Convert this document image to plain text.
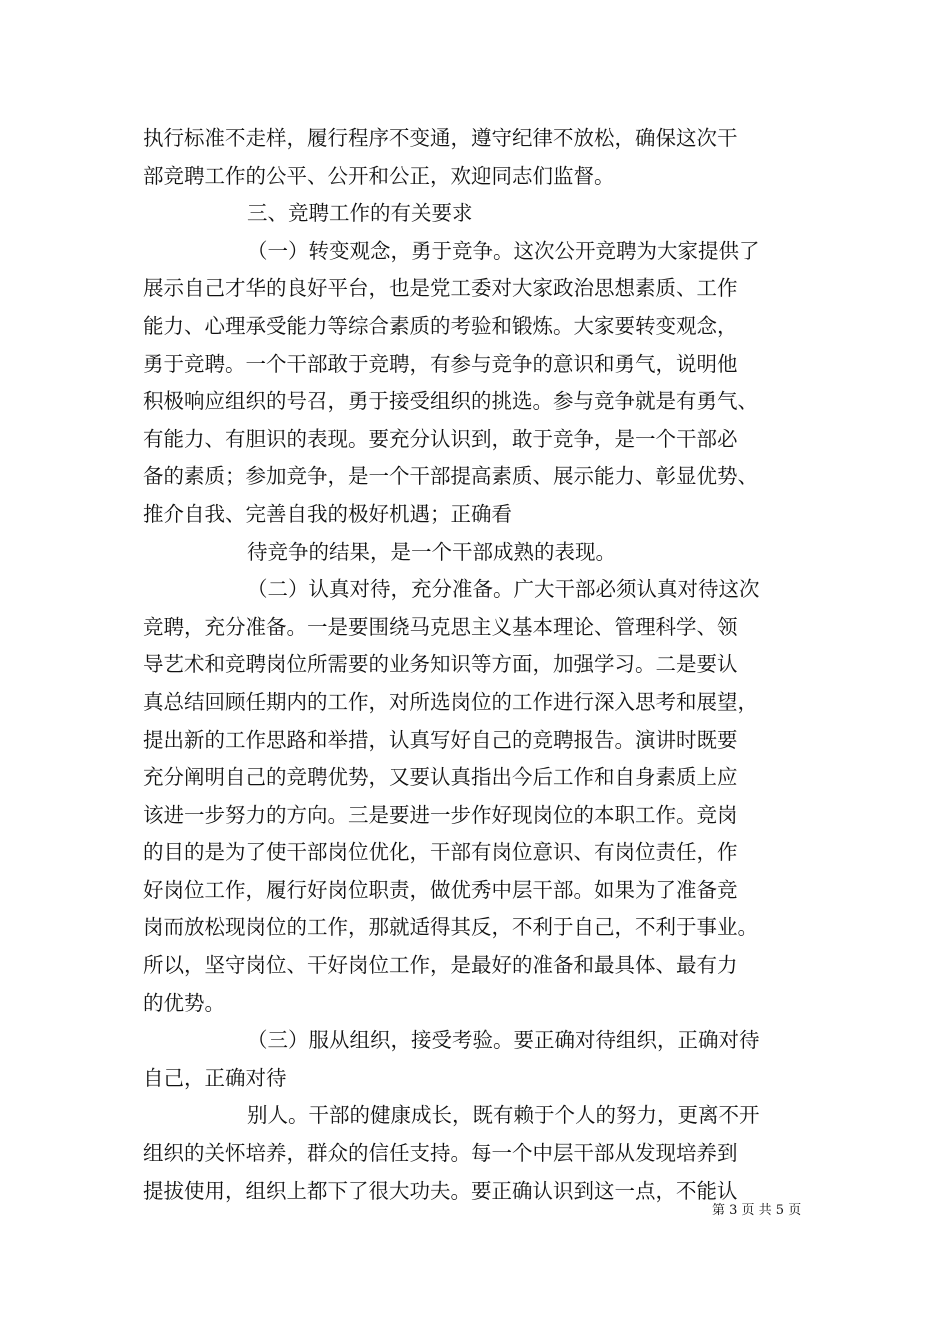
执行标准不走样，履行程序不变通，遵守纪律不放松，确保这次干
部竞聘工作的公平、公开和公正，欢迎同志们监督。
三、竞聘工作的有关要求
（一）转变观念，勇于竞争。这次公开竞聘为大家提供了
展示自己才华的良好平台，也是党工委对大家政治思想素质、工作
能力、心理承受能力等综合素质的考验和锻炼。大家要转变观念，
勇于竞聘。一个干部敢于竞聘，有参与竞争的意识和勇气，说明他
积极响应组织的号召，勇于接受组织的挑选。参与竞争就是有勇气、
有能力、有胆识的表现。要充分认识到，敢于竞争，是一个干部必
备的素质；参加竞争，是一个干部提高素质、展示能力、彰显优势、
推介自我、完善自我的极好机遇；正确看
待竞争的结果，是一个干部成熟的表现。
（二）认真对待，充分准备。广大干部必须认真对待这次
竞聘，充分准备。一是要围绕马克思主义基本理论、管理科学、领
导艺术和竞聘岗位所需要的业务知识等方面，加强学习。二是要认
真总结回顾任期内的工作，对所选岗位的工作进行深入思考和展望，
提出新的工作思路和举措，认真写好自己的竞聘报告。演讲时既要
充分阐明自己的竞聘优势，又要认真指出今后工作和自身素质上应
该进一步努力的方向。三是要进一步作好现岗位的本职工作。竞岗
的目的是为了使干部岗位优化，干部有岗位意识、有岗位责任，作
好岗位工作，履行好岗位职责，做优秀中层干部。如果为了准备竞
岗而放松现岗位的工作，那就适得其反，不利于自己，不利于事业。
所以，坚守岗位、干好岗位工作，是最好的准备和最具体、最有力
的优势。
（三）服从组织，接受考验。要正确对待组织，正确对待
自己，正确对待
别人。干部的健康成长，既有赖于个人的努力，更离不开
组织的关怀培养，群众的信任支持。每一个中层干部从发现培养到
提拔使用，组织上都下了很大功夫。要正确认识到这一点，不能认
第 3 页 共 5 页
